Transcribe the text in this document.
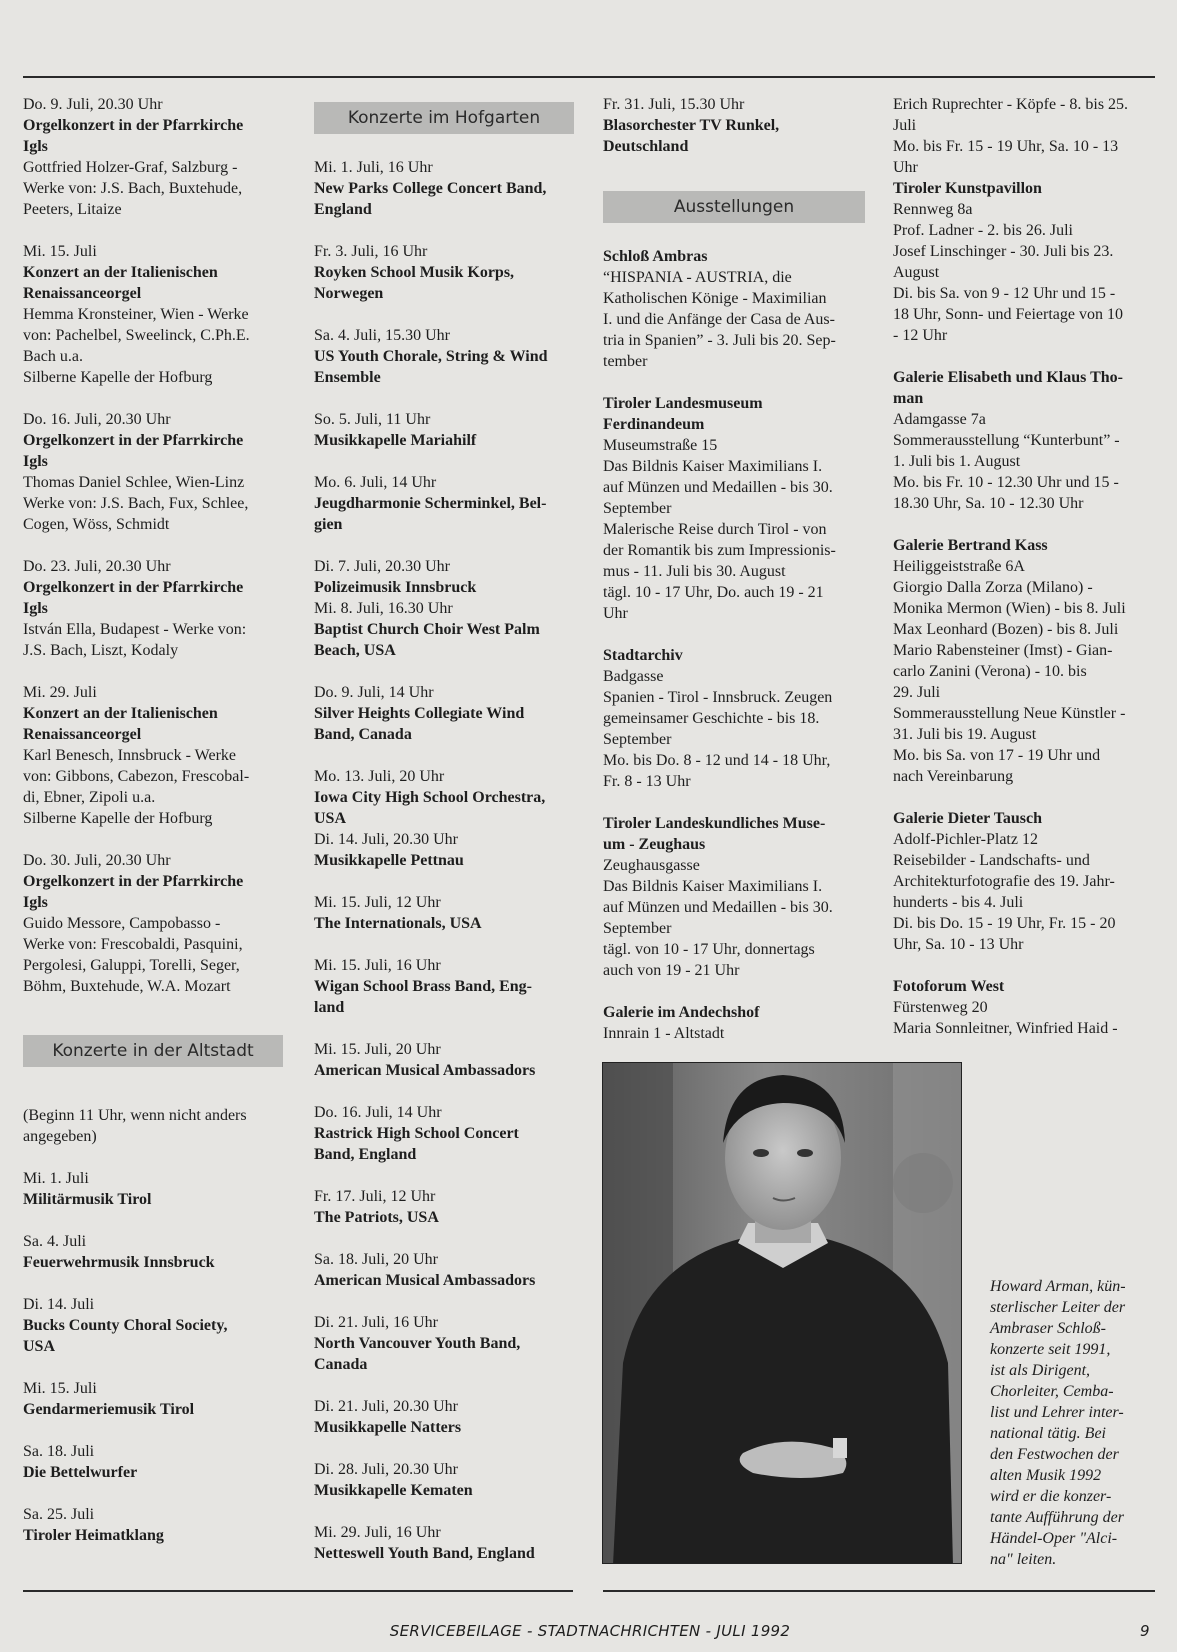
Do. 9. Juli, 20.30 Uhr
Orgelkonzert in der Pfarrkirche
Igls
Gottfried Holzer-Graf, Salzburg -
Werke von: J.S. Bach, Buxtehude,
Peeters, Litaize
Mi. 15. Juli
Konzert an der Italienischen
Renaissanceorgel
Hemma Kronsteiner, Wien - Werke
von: Pachelbel, Sweelinck, C.Ph.E.
Bach u.a.
Silberne Kapelle der Hofburg
Do. 16. Juli, 20.30 Uhr
Orgelkonzert in der Pfarrkirche
Igls
Thomas Daniel Schlee, Wien-Linz
Werke von: J.S. Bach, Fux, Schlee,
Cogen, Wöss, Schmidt
Do. 23. Juli, 20.30 Uhr
Orgelkonzert in der Pfarrkirche
Igls
István Ella, Budapest - Werke von:
J.S. Bach, Liszt, Kodaly
Mi. 29. Juli
Konzert an der Italienischen
Renaissanceorgel
Karl Benesch, Innsbruck - Werke
von: Gibbons, Cabezon, Frescobal-
di, Ebner, Zipoli u.a.
Silberne Kapelle der Hofburg
Do. 30. Juli, 20.30 Uhr
Orgelkonzert in der Pfarrkirche
Igls
Guido Messore, Campobasso -
Werke von: Frescobaldi, Pasquini,
Pergolesi, Galuppi, Torelli, Seger,
Böhm, Buxtehude, W.A. Mozart
Konzerte in der Altstadt
(Beginn 11 Uhr, wenn nicht anders
angegeben)
Mi. 1. Juli
Militärmusik Tirol
Sa. 4. Juli
Feuerwehrmusik Innsbruck
Di. 14. Juli
Bucks County Choral Society,
USA
Mi. 15. Juli
Gendarmeriemusik Tirol
Sa. 18. Juli
Die Bettelwurfer
Sa. 25. Juli
Tiroler Heimatklang
Konzerte im Hofgarten
Mi. 1. Juli, 16 Uhr
New Parks College Concert Band,
England
Fr. 3. Juli, 16 Uhr
Royken School Musik Korps,
Norwegen
Sa. 4. Juli, 15.30 Uhr
US Youth Chorale, String & Wind
Ensemble
So. 5. Juli, 11 Uhr
Musikkapelle Mariahilf
Mo. 6. Juli, 14 Uhr
Jeugdharmonie Scherminkel, Bel-
gien
Di. 7. Juli, 20.30 Uhr
Polizeimusik Innsbruck
Mi. 8. Juli, 16.30 Uhr
Baptist Church Choir West Palm
Beach, USA
Do. 9. Juli, 14 Uhr
Silver Heights Collegiate Wind
Band, Canada
Mo. 13. Juli, 20 Uhr
Iowa City High School Orchestra,
USA
Di. 14. Juli, 20.30 Uhr
Musikkapelle Pettnau
Mi. 15. Juli, 12 Uhr
The Internationals, USA
Mi. 15. Juli, 16 Uhr
Wigan School Brass Band, Eng-
land
Mi. 15. Juli, 20 Uhr
American Musical Ambassadors
Do. 16. Juli, 14 Uhr
Rastrick High School Concert
Band, England
Fr. 17. Juli, 12 Uhr
The Patriots, USA
Sa. 18. Juli, 20 Uhr
American Musical Ambassadors
Di. 21. Juli, 16 Uhr
North Vancouver Youth Band,
Canada
Di. 21. Juli, 20.30 Uhr
Musikkapelle Natters
Di. 28. Juli, 20.30 Uhr
Musikkapelle Kematen
Mi. 29. Juli, 16 Uhr
Netteswell Youth Band, England
Fr. 31. Juli, 15.30 Uhr
Blasorchester TV Runkel,
Deutschland
Ausstellungen
Schloß Ambras
“HISPANIA - AUSTRIA, die
Katholischen Könige - Maximilian
I. und die Anfänge der Casa de Aus-
tria in Spanien” - 3. Juli bis 20. Sep-
tember
Tiroler Landesmuseum
Ferdinandeum
Museumstraße 15
Das Bildnis Kaiser Maximilians I.
auf Münzen und Medaillen - bis 30.
September
Malerische Reise durch Tirol - von
der Romantik bis zum Impressionis-
mus - 11. Juli bis 30. August
tägl. 10 - 17 Uhr, Do. auch 19 - 21
Uhr
Stadtarchiv
Badgasse
Spanien - Tirol - Innsbruck. Zeugen
gemeinsamer Geschichte - bis 18.
September
Mo. bis Do. 8 - 12 und 14 - 18 Uhr,
Fr. 8 - 13 Uhr
Tiroler Landeskundliches Muse-
um - Zeughaus
Zeughausgasse
Das Bildnis Kaiser Maximilians I.
auf Münzen und Medaillen - bis 30.
September
tägl. von 10 - 17 Uhr, donnertags
auch von 19 - 21 Uhr
Galerie im Andechshof
Innrain 1 - Altstadt
Erich Ruprechter - Köpfe - 8. bis 25.
Juli
Mo. bis Fr. 15 - 19 Uhr, Sa. 10 - 13
Uhr
Tiroler Kunstpavillon
Rennweg 8a
Prof. Ladner - 2. bis 26. Juli
Josef Linschinger - 30. Juli bis 23.
August
Di. bis Sa. von 9 - 12 Uhr und 15 -
18 Uhr, Sonn- und Feiertage von 10
- 12 Uhr
Galerie Elisabeth und Klaus Tho-
man
Adamgasse 7a
Sommerausstellung “Kunterbunt” -
1. Juli bis 1. August
Mo. bis Fr. 10 - 12.30 Uhr und 15 -
18.30 Uhr, Sa. 10 - 12.30 Uhr
Galerie Bertrand Kass
Heiliggeiststraße 6A
Giorgio Dalla Zorza (Milano) -
Monika Mermon (Wien) - bis 8. Juli
Max Leonhard (Bozen) - bis 8. Juli
Mario Rabensteiner (Imst) - Gian-
carlo Zanini (Verona) - 10. bis
29. Juli
Sommerausstellung Neue Künstler -
31. Juli bis 19. August
Mo. bis Sa. von 17 - 19 Uhr und
nach Vereinbarung
Galerie Dieter Tausch
Adolf-Pichler-Platz 12
Reisebilder - Landschafts- und
Architekturfotografie des 19. Jahr-
hunderts - bis 4. Juli
Di. bis Do. 15 - 19 Uhr, Fr. 15 - 20
Uhr, Sa. 10 - 13 Uhr
Fotoforum West
Fürstenweg 20
Maria Sonnleitner, Winfried Haid -
Howard Arman, kün-
sterlischer Leiter der
Ambraser Schloß-
konzerte seit 1991,
ist als Dirigent,
Chorleiter, Cemba-
list und Lehrer inter-
national tätig. Bei
den Festwochen der
alten Musik 1992
wird er die konzer-
tante Aufführung der
Händel-Oper "Alci-
na" leiten.
SERVICEBEILAGE - STADTNACHRICHTEN - JULI 1992	9
